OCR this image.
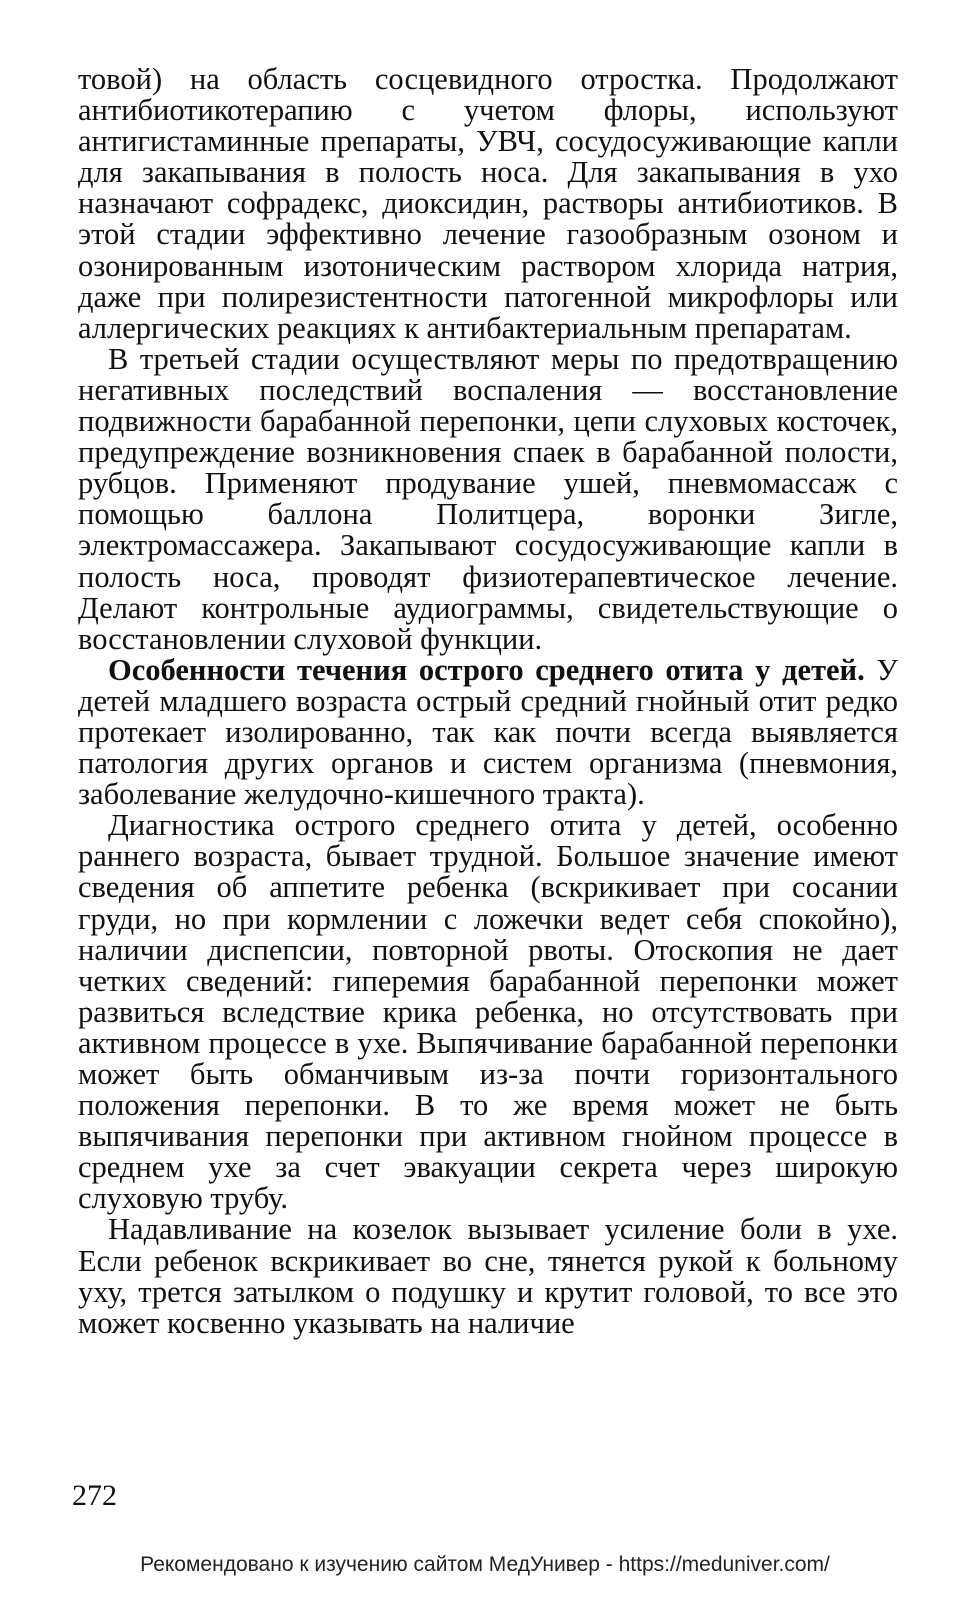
товой) на область сосцевидного отростка. Продолжают антибиотикотерапию с учетом флоры, используют антигистаминные препараты, УВЧ, сосудосуживающие капли для закапывания в полость носа. Для закапывания в ухо назначают софрадекс, диоксидин, растворы антибиотиков. В этой стадии эффективно лечение газообразным озоном и озонированным изотоническим раствором хлорида натрия, даже при полирезистентности патогенной микрофлоры или аллергических реакциях к антибактериальным препаратам.

В третьей стадии осуществляют меры по предотвращению негативных последствий воспаления — восстановление подвижности барабанной перепонки, цепи слуховых косточек, предупреждение возникновения спаек в барабанной полости, рубцов. Применяют продувание ушей, пневмомассаж с помощью баллона Политцера, воронки Зигле, электромассажера. Закапывают сосудосуживающие капли в полость носа, проводят физиотерапевтическое лечение. Делают контрольные аудиограммы, свидетельствующие о восстановлении слуховой функции.

Особенности течения острого среднего отита у детей. У детей младшего возраста острый средний гнойный отит редко протекает изолированно, так как почти всегда выявляется патология других органов и систем организма (пневмония, заболевание желудочно-кишечного тракта).

Диагностика острого среднего отита у детей, особенно раннего возраста, бывает трудной. Большое значение имеют сведения об аппетите ребенка (вскрикивает при сосании груди, но при кормлении с ложечки ведет себя спокойно), наличии диспепсии, повторной рвоты. Отоскопия не дает четких сведений: гиперемия барабанной перепонки может развиться вследствие крика ребенка, но отсутствовать при активном процессе в ухе. Выпячивание барабанной перепонки может быть обманчивым из-за почти горизонтального положения перепонки. В то же время может не быть выпячивания перепонки при активном гнойном процессе в среднем ухе за счет эвакуации секрета через широкую слуховую трубу.

Надавливание на козелок вызывает усиление боли в ухе. Если ребенок вскрикивает во сне, тянется рукой к больному уху, трется затылком о подушку и крутит головой, то все это может косвенно указывать на наличие

272
Рекомендовано к изучению сайтом МедУнивер - https://meduniver.com/
